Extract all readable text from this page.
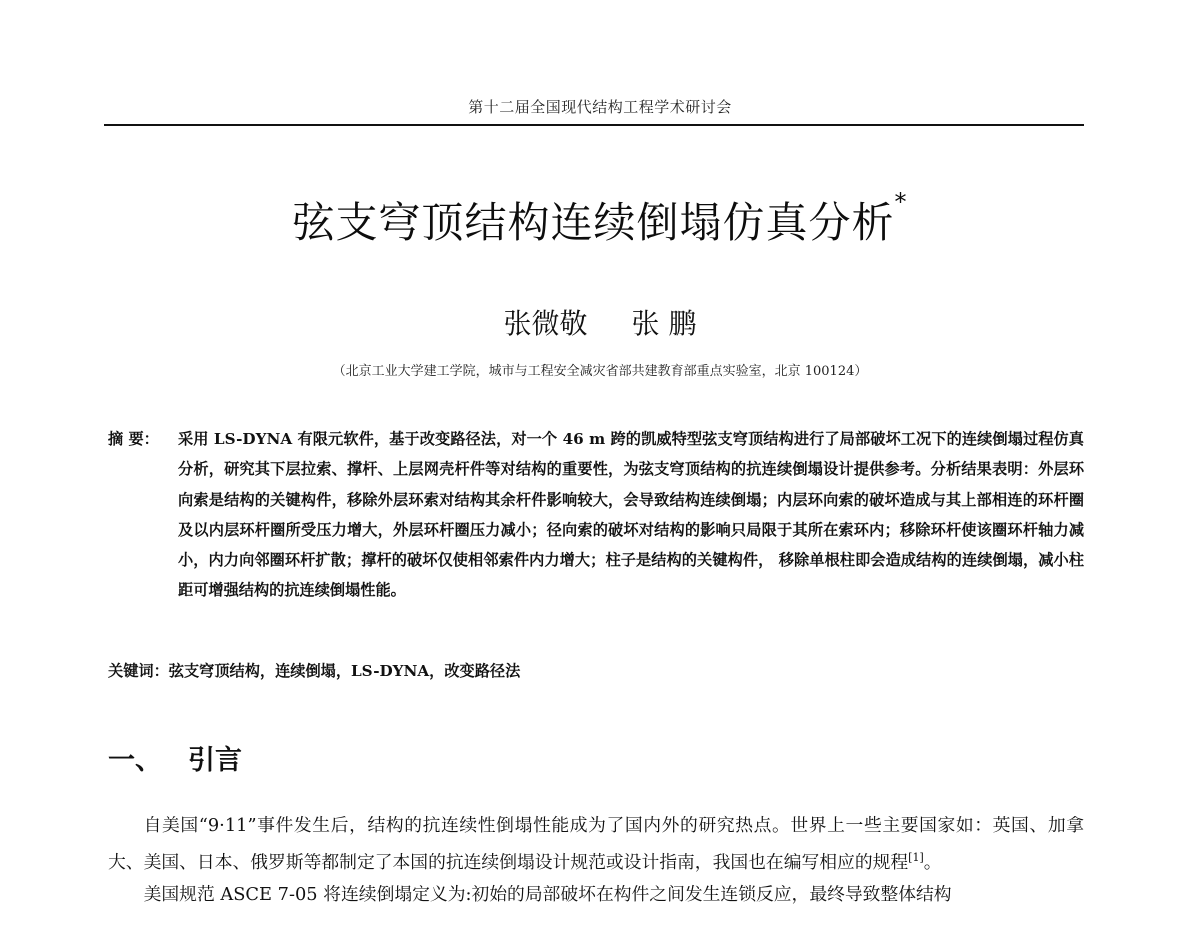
第十二届全国现代结构工程学术研讨会
弦支穹顶结构连续倒塌仿真分析*
张微敬 张 鹏
（北京工业大学建工学院，城市与工程安全减灾省部共建教育部重点实验室，北京 100124）
摘 要：	采用 LS-DYNA 有限元软件，基于改变路径法，对一个 46 m 跨的凯威特型弦支穹顶结构进行了局部破坏工况下的连续倒塌过程仿真分析，研究其下层拉索、撑杆、上层网壳杆件等对结构的重要性，为弦支穹顶结构的抗连续倒塌设计提供参考。分析结果表明：外层环向索是结构的关键构件，移除外层环索对结构其余杆件影响较大，会导致结构连续倒塌；内层环向索的破坏造成与其上部相连的环杆圈及以内层环杆圈所受压力增大，外层环杆圈压力减小；径向索的破坏对结构的影响只局限于其所在索环内；移除环杆使该圈环杆轴力减小，内力向邻圈环杆扩散；撑杆的破坏仅使相邻索件内力增大；柱子是结构的关键构件， 移除单根柱即会造成结构的连续倒塌，减小柱距可增强结构的抗连续倒塌性能。
关键词：弦支穹顶结构，连续倒塌，LS-DYNA，改变路径法
一、 引言

自美国“9·11”事件发生后，结构的抗连续性倒塌性能成为了国内外的研究热点。世界上一些主要国家如：英国、加拿大、美国、日本、俄罗斯等都制定了本国的抗连续倒塌设计规范或设计指南，我国也在编写相应的规程[1]。

美国规范 ASCE 7-05 将连续倒塌定义为:初始的局部破坏在构件之间发生连锁反应，最终导致整体结构
